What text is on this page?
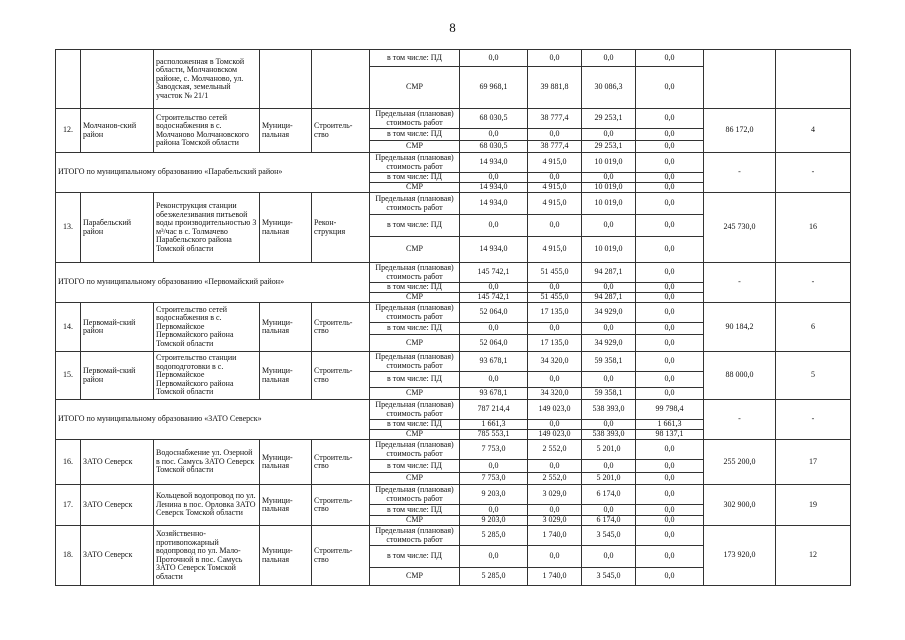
8
		расположенная в Томской области, Молчановском районе, с. Молчаново, ул. Заводская, земельный участок № 21/1			в том числе: ПД	0,0	0,0	0,0	0,0		
					СМР	69 968,1	39 881,8	30 086,3	0,0		
12.	Молчанов-ский район	Строительство сетей водоснабжения в с. Молчаново Молчановского района Томской области	Муници-пальная	Строитель-ство	Предельная (плановая) стоимость работ	68 030,5	38 777,4	29 253,1	0,0	86 172,0	4
					в том числе: ПД	0,0	0,0	0,0	0,0		
					СМР	68 030,5	38 777,4	29 253,1	0,0		
ИТОГО по муниципальному образованию «Парабельский район»					Предельная (плановая) стоимость работ	14 934,0	4 915,0	10 019,0	0,0	-	-
					в том числе: ПД	0,0	0,0	0,0	0,0		
					СМР	14 934,0	4 915,0	10 019,0	0,0		
13.	Парабельский район	Реконструкция станции обезжелезивания питьевой воды производительностью 3 м³/час в с. Толмачево Парабельского района Томской области	Муници-пальная	Рекон-струкция	Предельная (плановая) стоимость работ	14 934,0	4 915,0	10 019,0	0,0	245 730,0	16
					в том числе: ПД	0,0	0,0	0,0	0,0		
					СМР	14 934,0	4 915,0	10 019,0	0,0		
ИТОГО по муниципальному образованию «Первомайский район»					Предельная (плановая) стоимость работ	145 742,1	51 455,0	94 287,1	0,0	-	-
					в том числе: ПД	0,0	0,0	0,0	0,0		
					СМР	145 742,1	51 455,0	94 287,1	0,0		
14.	Первомай-ский район	Строительство сетей водоснабжения в с. Первомайское Первомайского района Томской области	Муници-пальная	Строитель-ство	Предельная (плановая) стоимость работ	52 064,0	17 135,0	34 929,0	0,0	90 184,2	6
					в том числе: ПД	0,0	0,0	0,0	0,0		
					СМР	52 064,0	17 135,0	34 929,0	0,0		
15.	Первомай-ский район	Строительство станции водоподготовки в с. Первомайское Первомайского района Томской области	Муници-пальная	Строитель-ство	Предельная (плановая) стоимость работ	93 678,1	34 320,0	59 358,1	0,0	88 000,0	5
					в том числе: ПД	0,0	0,0	0,0	0,0		
					СМР	93 678,1	34 320,0	59 358,1	0,0		
ИТОГО по муниципальному образованию «ЗАТО Северск»					Предельная (плановая) стоимость работ	787 214,4	149 023,0	538 393,0	99 798,4	-	-
					в том числе: ПД	1 661,3	0,0	0,0	1 661,3		
					СМР	785 553,1	149 023,0	538 393,0	98 137,1		
16.	ЗАТО Северск	Водоснабжение ул. Озерной в пос. Самусь ЗАТО Северск Томской области	Муници-пальная	Строитель-ство	Предельная (плановая) стоимость работ	7 753,0	2 552,0	5 201,0	0,0	255 200,0	17
					в том числе: ПД	0,0	0,0	0,0	0,0		
					СМР	7 753,0	2 552,0	5 201,0	0,0		
17.	ЗАТО Северск	Кольцевой водопровод по ул. Ленина в пос. Орловка ЗАТО Северск Томской области	Муници-пальная	Строитель-ство	Предельная (плановая) стоимость работ	9 203,0	3 029,0	6 174,0	0,0	302 900,0	19
					в том числе: ПД	0,0	0,0	0,0	0,0		
					СМР	9 203,0	3 029,0	6 174,0	0,0		
18.	ЗАТО Северск	Хозяйственно-противопожарный водопровод по ул. Мало-Проточной в пос. Самусь ЗАТО Северск Томской области	Муници-пальная	Строитель-ство	Предельная (плановая) стоимость работ	5 285,0	1 740,0	3 545,0	0,0	173 920,0	12
					в том числе: ПД	0,0	0,0	0,0	0,0		
					СМР	5 285,0	1 740,0	3 545,0	0,0		
